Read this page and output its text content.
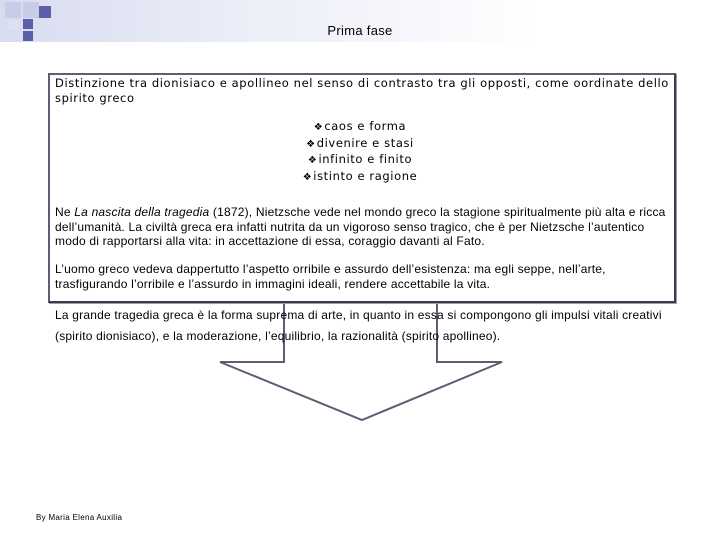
Prima fase
Distinzione tra dionisiaco e apollineo nel senso di contrasto tra gli opposti, come oordinate dello spirito greco
❖caos e forma
❖divenire e stasi
❖infinito e finito
❖istinto e ragione
Ne La nascita della tragedia (1872), Nietzsche vede nel mondo greco la stagione spiritualmente più alta e ricca dell’umanità. La civiltà greca era infatti nutrita da un vigoroso senso tragico, che è per Nietzsche l’autentico modo di rapportarsi alla vita: in accettazione di essa, coraggio davanti al Fato.
L’uomo greco vedeva dappertutto l’aspetto orribile e assurdo dell’esistenza: ma egli seppe, nell’arte, trasfigurando l’orribile e l’assurdo in immagini ideali, rendere accettabile la vita.
La grande tragedia greca è la forma suprema di arte, in quanto in essa si compongono gli impulsi vitali creativi (spirito dionisiaco), e la moderazione, l’equilibrio, la razionalità (spirito apollineo).
By Maria Elena Auxilia
